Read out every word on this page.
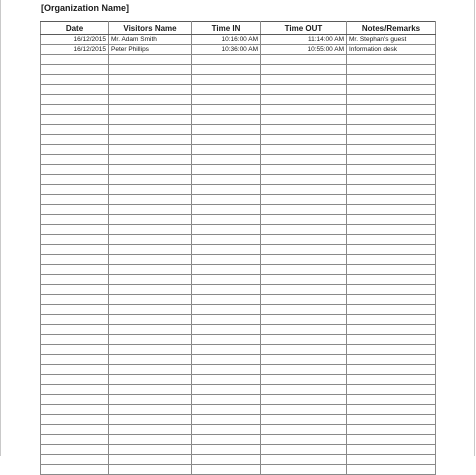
[Organization Name]
Date	Visitors Name	Time IN	Time OUT	Notes/Remarks
16/12/2015	Mr. Adam Smith	10:16:00 AM	11:14:00 AM	Mr. Stephan's guest
16/12/2015	Peter Phillips	10:36:00 AM	10:55:00 AM	Information desk
